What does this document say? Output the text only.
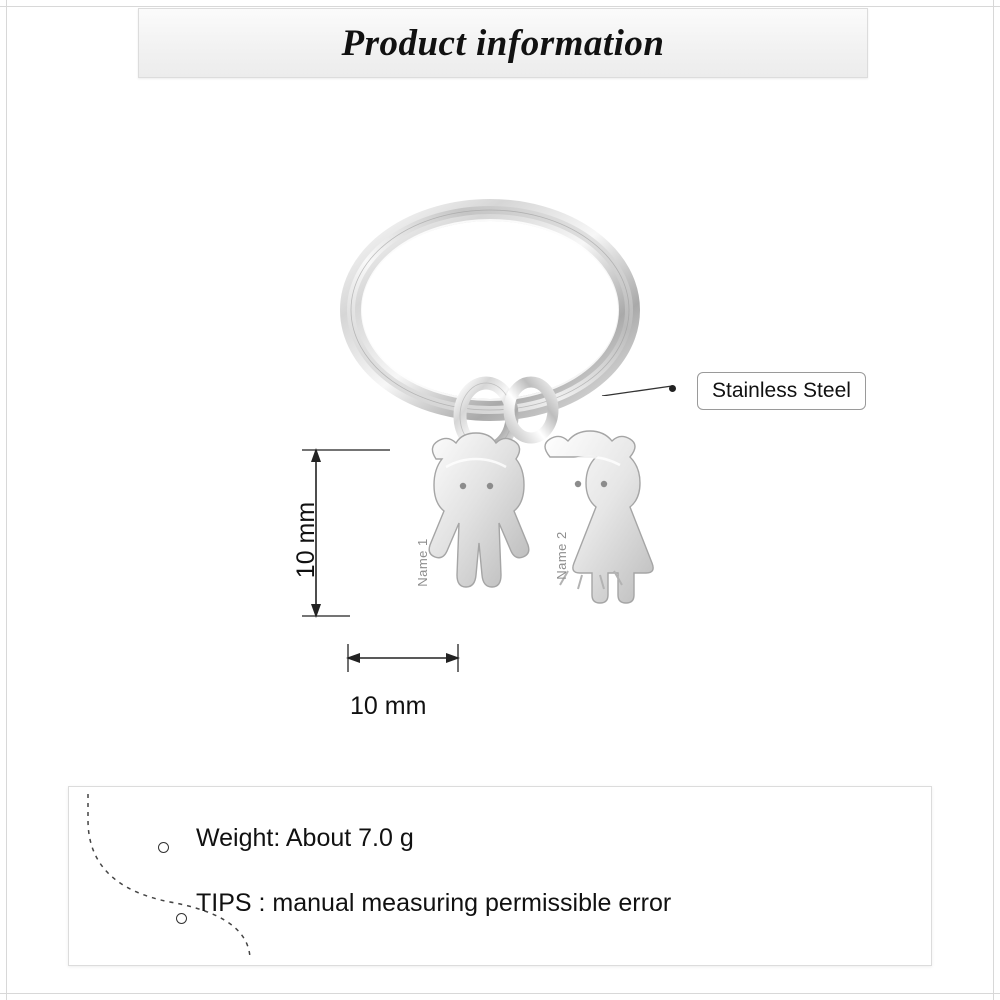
Product information
Name 1	Name 2
Stainless Steel
10 mm
10 mm
Weight: About 7.0 g
TIPS : manual measuring permissible error
